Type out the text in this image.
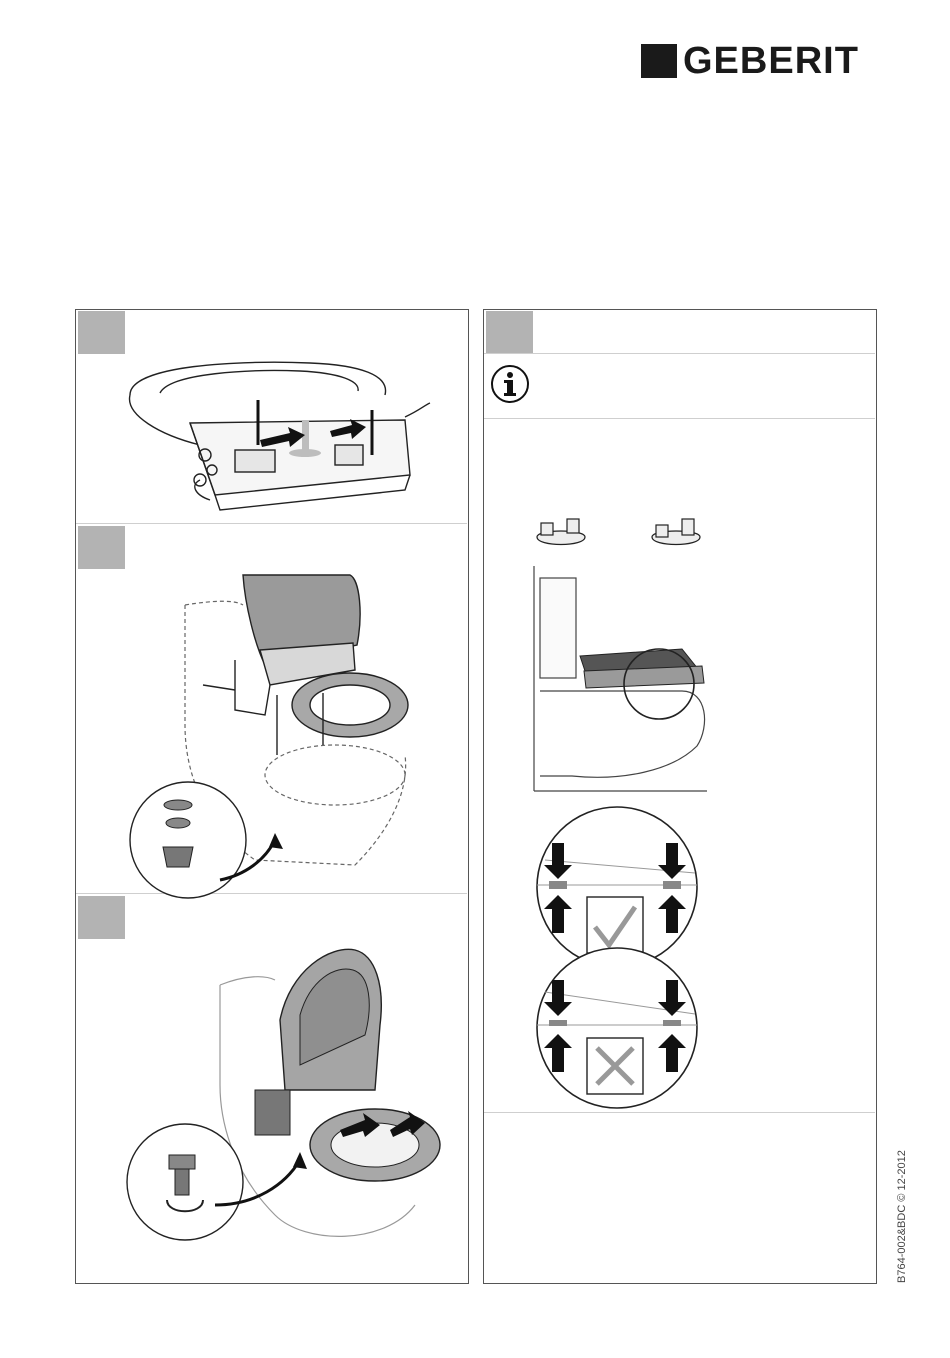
GEBERIT
B764-002&BDC © 12-2012
